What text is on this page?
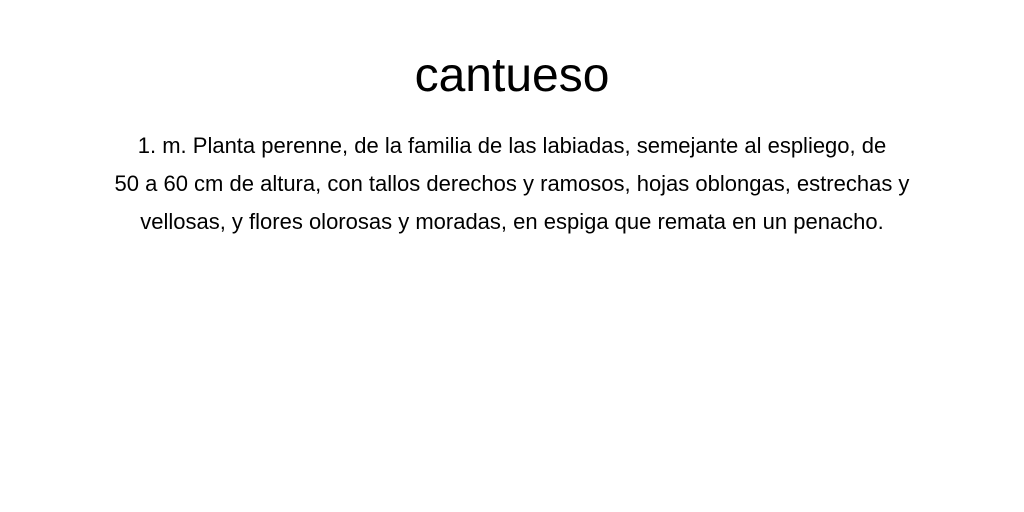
cantueso

1. m. Planta perenne, de la familia de las labiadas, semejante al espliego, de
50 a 60 cm de altura, con tallos derechos y ramosos, hojas oblongas, estrechas y
vellosas, y flores olorosas y moradas, en espiga que remata en un penacho.
